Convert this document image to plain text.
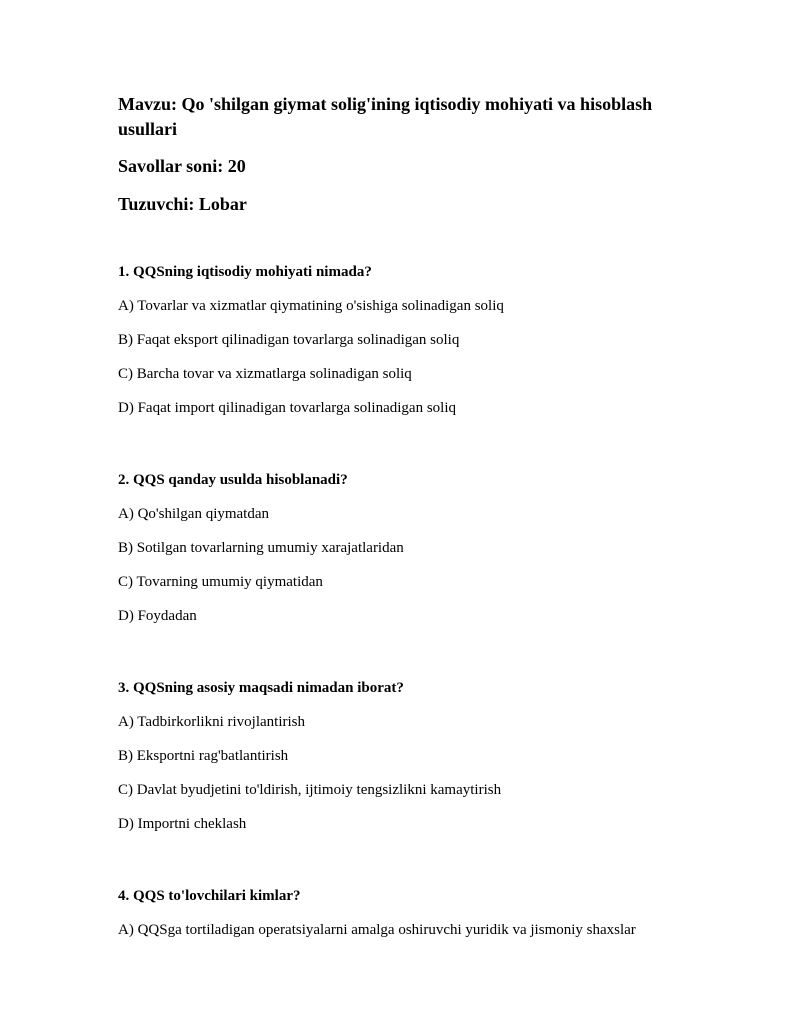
Mavzu: Qo 'shilgan giymat solig'ining iqtisodiy mohiyati va hisoblash usullari

Savollar soni: 20

Tuzuvchi: Lobar

1. QQSning iqtisodiy mohiyati nimada?

A) Tovarlar va xizmatlar qiymatining o'sishiga solinadigan soliq

B) Faqat eksport qilinadigan tovarlarga solinadigan soliq

C) Barcha tovar va xizmatlarga solinadigan soliq

D) Faqat import qilinadigan tovarlarga solinadigan soliq

2. QQS qanday usulda hisoblanadi?

A) Qo'shilgan qiymatdan

B) Sotilgan tovarlarning umumiy xarajatlaridan

C) Tovarning umumiy qiymatidan

D) Foydadan

3. QQSning asosiy maqsadi nimadan iborat?

A) Tadbirkorlikni rivojlantirish

B) Eksportni rag'batlantirish

C) Davlat byudjetini to'ldirish, ijtimoiy tengsizlikni kamaytirish

D) Importni cheklash

4. QQS to'lovchilari kimlar?

A) QQSga tortiladigan operatsiyalarni amalga oshiruvchi yuridik va jismoniy shaxslar
